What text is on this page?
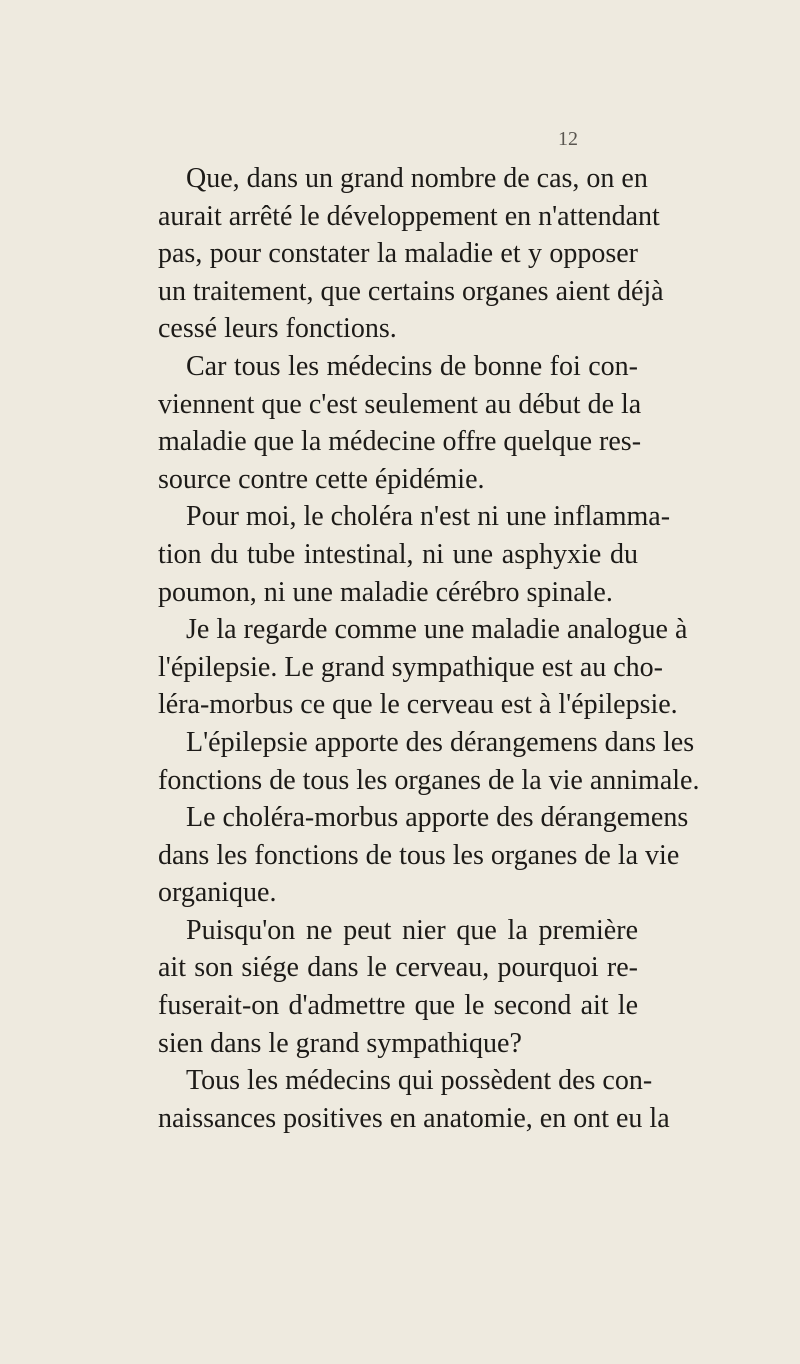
12
Que, dans un grand nombre de cas, on en
aurait arrêté le développement en n'attendant
pas, pour constater la maladie et y opposer
un traitement, que certains organes aient déjà
cessé leurs fonctions.
Car tous les médecins de bonne foi con-
viennent que c'est seulement au début de la
maladie que la médecine offre quelque res-
source contre cette épidémie.
Pour moi, le choléra n'est ni une inflamma-
tion du tube intestinal, ni une asphyxie du
poumon, ni une maladie cérébro spinale.
Je la regarde comme une maladie analogue à
l'épilepsie. Le grand sympathique est au cho-
léra-morbus ce que le cerveau est à l'épilepsie.
L'épilepsie apporte des dérangemens dans les
fonctions de tous les organes de la vie annimale.
Le choléra-morbus apporte des dérangemens
dans les fonctions de tous les organes de la vie
organique.
Puisqu'on ne peut nier que la première
ait son siége dans le cerveau, pourquoi re-
fuserait-on d'admettre que le second ait le
sien dans le grand sympathique?
Tous les médecins qui possèdent des con-
naissances positives en anatomie, en ont eu la
